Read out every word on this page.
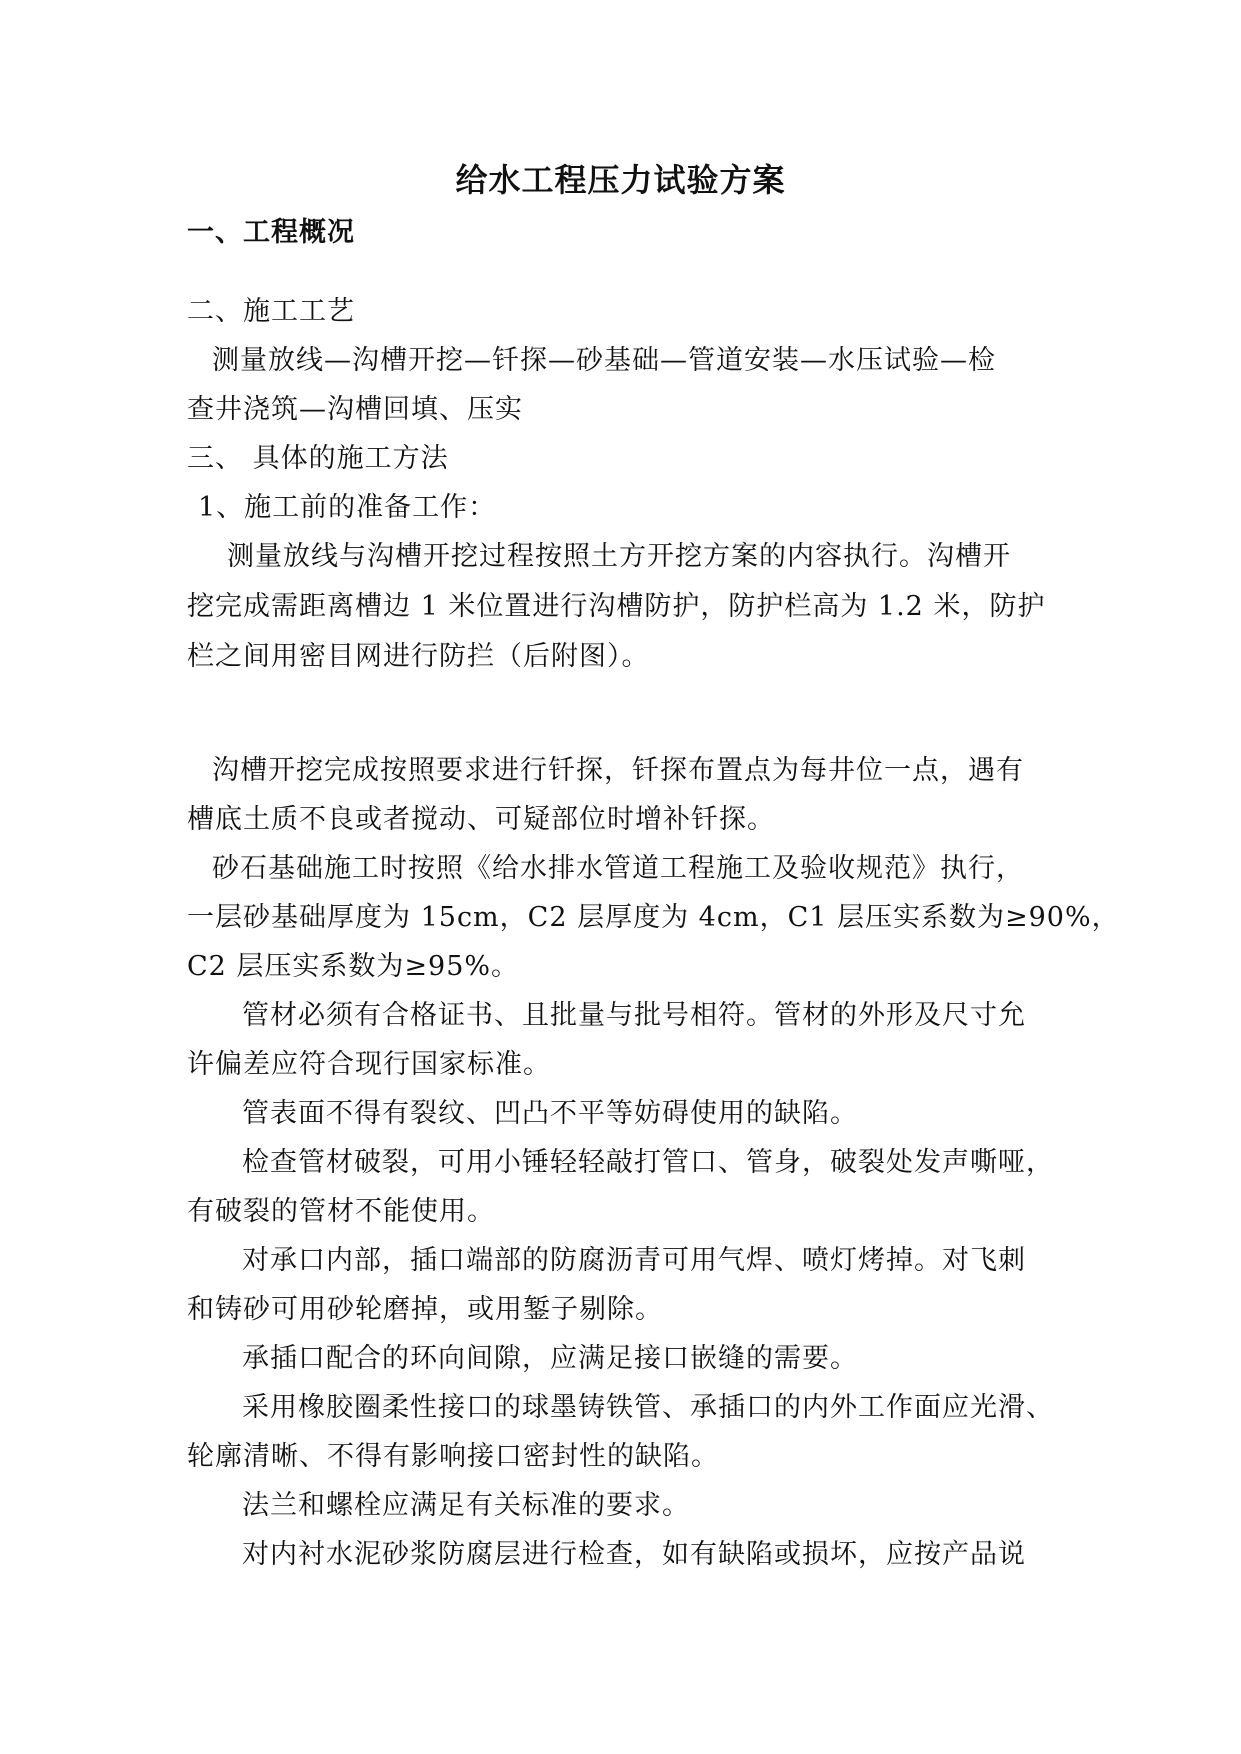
给水工程压力试验方案
一、工程概况
二、施工工艺
测量放线—沟槽开挖—钎探—砂基础—管道安装—水压试验—检
查井浇筑—沟槽回填、压实
三、 具体的施工方法
1、施工前的准备工作：
测量放线与沟槽开挖过程按照土方开挖方案的内容执行。沟槽开
挖完成需距离槽边 1 米位置进行沟槽防护，防护栏高为 1.2 米，防护
栏之间用密目网进行防拦（后附图）。
沟槽开挖完成按照要求进行钎探，钎探布置点为每井位一点，遇有
槽底土质不良或者搅动、可疑部位时增补钎探。
砂石基础施工时按照《给水排水管道工程施工及验收规范》执行，
一层砂基础厚度为 15cm，C2 层厚度为 4cm，C1 层压实系数为≥90%，
C2 层压实系数为≥95%。
管材必须有合格证书、且批量与批号相符。管材的外形及尺寸允
许偏差应符合现行国家标准。
管表面不得有裂纹、凹凸不平等妨碍使用的缺陷。
检查管材破裂，可用小锤轻轻敲打管口、管身，破裂处发声嘶哑，
有破裂的管材不能使用。
对承口内部，插口端部的防腐沥青可用气焊、喷灯烤掉。对飞刺
和铸砂可用砂轮磨掉，或用錾子剔除。
承插口配合的环向间隙，应满足接口嵌缝的需要。
采用橡胶圈柔性接口的球墨铸铁管、承插口的内外工作面应光滑、
轮廓清晰、不得有影响接口密封性的缺陷。
法兰和螺栓应满足有关标准的要求。
对内衬水泥砂浆防腐层进行检查，如有缺陷或损坏，应按产品说
